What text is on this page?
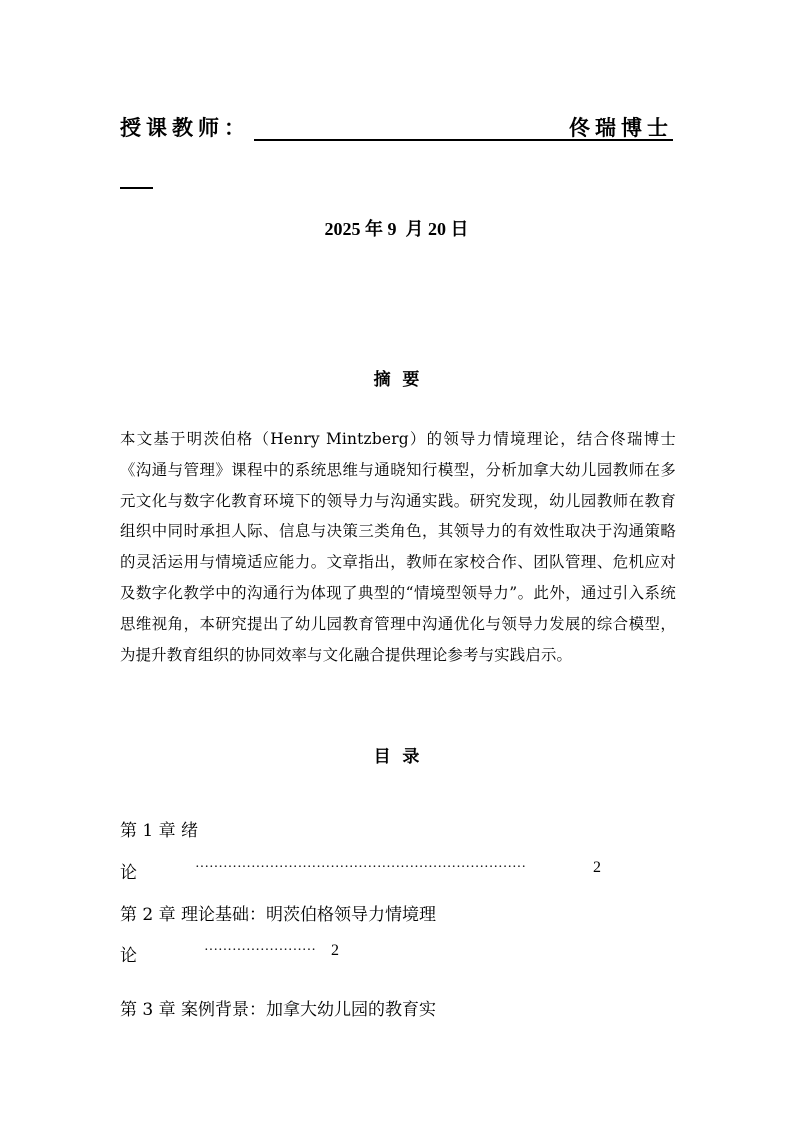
授课教师：	佟瑞博士
2025 年 9  月 20 日
摘  要
本文基于明茨伯格（Henry Mintzberg）的领导力情境理论，结合佟瑞博士《沟通与管理》课程中的系统思维与通晓知行模型，分析加拿大幼儿园教师在多元文化与数字化教育环境下的领导力与沟通实践。研究发现，幼儿园教师在教育组织中同时承担人际、信息与决策三类角色，其领导力的有效性取决于沟通策略的灵活运用与情境适应能力。文章指出，教师在家校合作、团队管理、危机应对及数字化教学中的沟通行为体现了典型的“情境型领导力”。此外，通过引入系统思维视角，本研究提出了幼儿园教育管理中沟通优化与领导力发展的综合模型，为提升教育组织的协同效率与文化融合提供理论参考与实践启示。
目  录
第 1 章 绪
论	·······································································	2
第 2 章 理论基础：明茨伯格领导力情境理
论	························ 2
第 3 章 案例背景：加拿大幼儿园的教育实
